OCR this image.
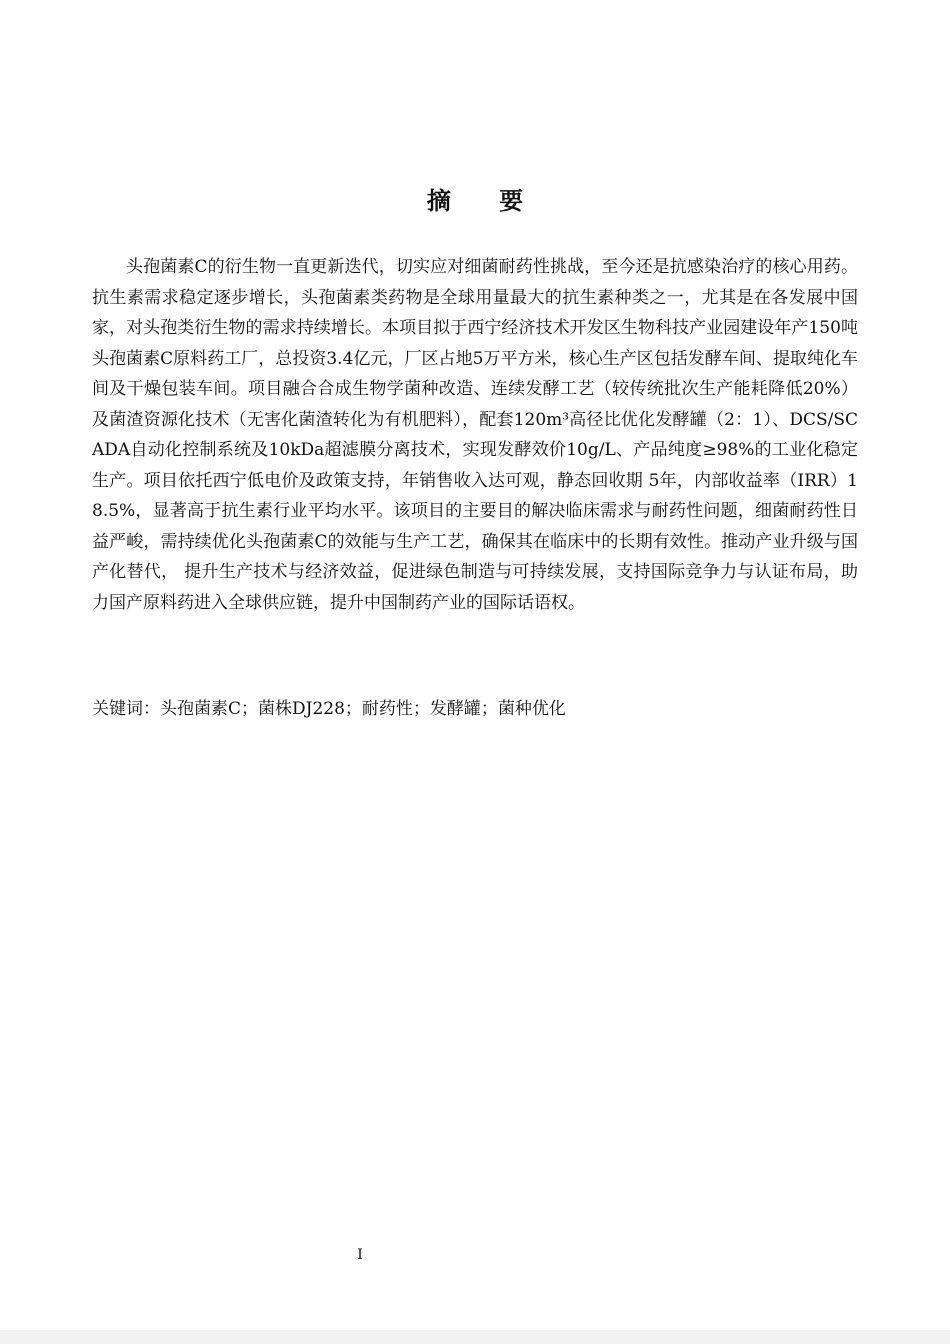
摘 要

头孢菌素C的衍生物一直更新迭代，切实应对细菌耐药性挑战，至今还是抗感染治疗的核心用药。抗生素需求稳定逐步增长，头孢菌素类药物是全球用量最大的抗生素种类之一，尤其是在各发展中国家，对头孢类衍生物的需求持续增长。本项目拟于西宁经济技术开发区生物科技产业园建设年产150吨头孢菌素C原料药工厂，总投资3.4亿元，厂区占地5万平方米，核心生产区包括发酵车间、提取纯化车间及干燥包装车间。项目融合合成生物学菌种改造、连续发酵工艺（较传统批次生产能耗降低20%）及菌渣资源化技术（无害化菌渣转化为有机肥料），配套120m³高径比优化发酵罐（2：1）、DCS/SCADA自动化控制系统及10kDa超滤膜分离技术，实现发酵效价10g/L、产品纯度≥98%的工业化稳定生产。项目依托西宁低电价及政策支持，年销售收入达可观，静态回收期 5年，内部收益率（IRR）18.5%，显著高于抗生素行业平均水平。该项目的主要目的解决临床需求与耐药性问题，细菌耐药性日益严峻，需持续优化头孢菌素C的效能与生产工艺，确保其在临床中的长期有效性。推动产业升级与国产化替代， 提升生产技术与经济效益，促进绿色制造与可持续发展，支持国际竞争力与认证布局，助力国产原料药进入全球供应链，提升中国制药产业的国际话语权。

关键词：头孢菌素C；菌株DJ228；耐药性；发酵罐；菌种优化

I
